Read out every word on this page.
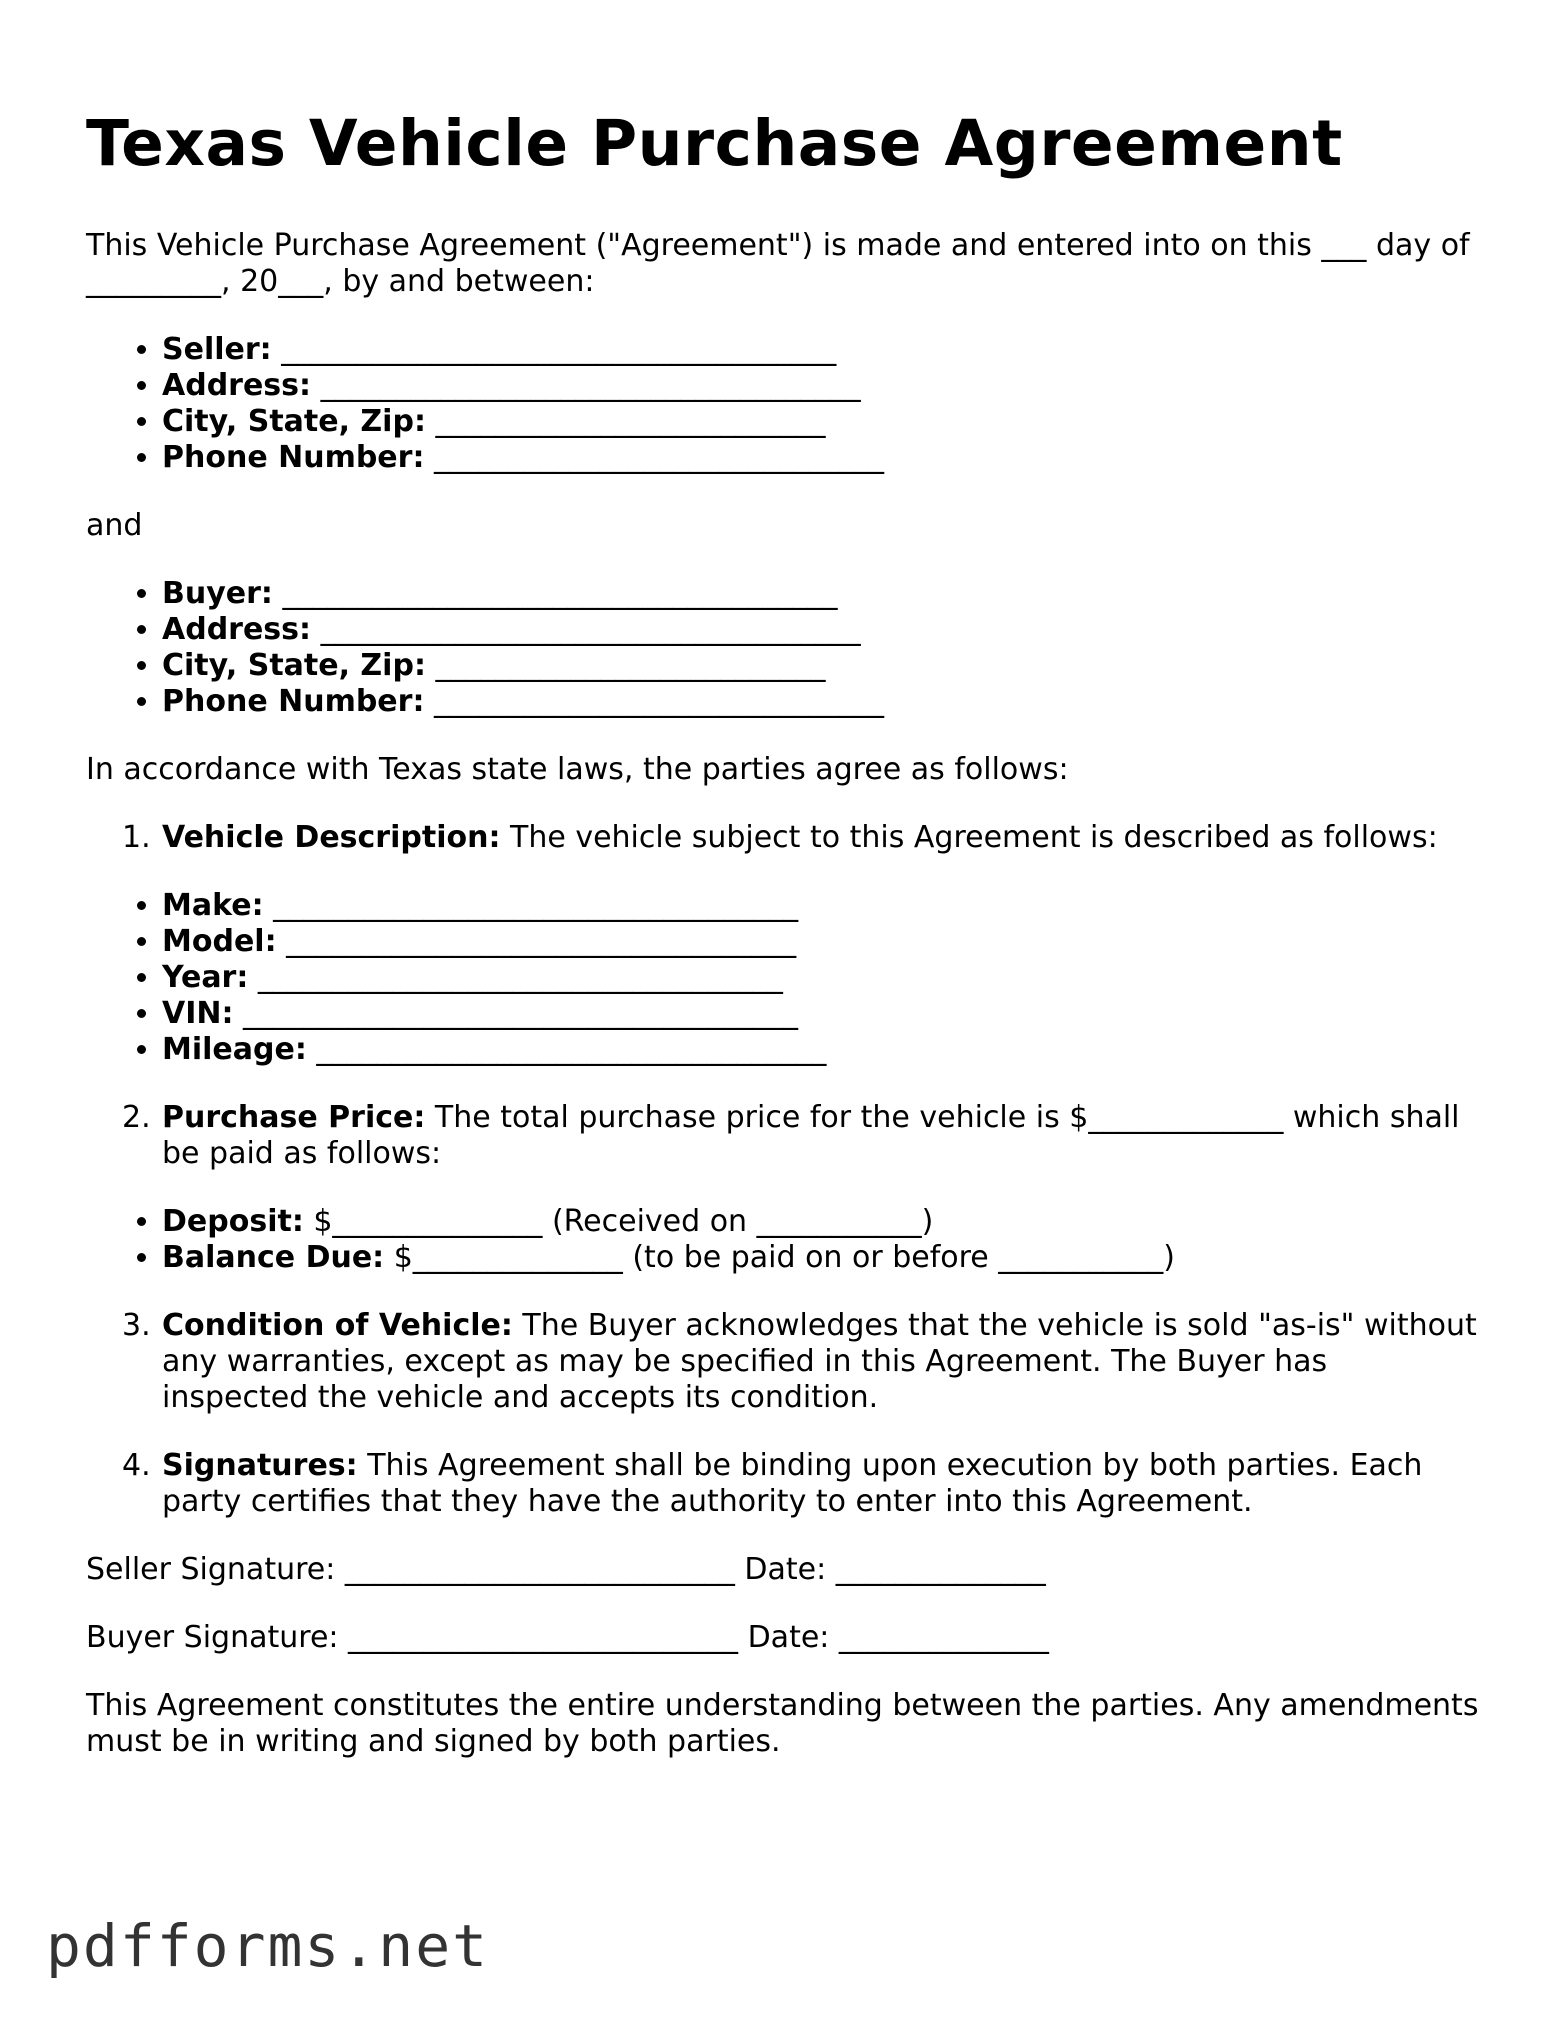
Texas Vehicle Purchase Agreement

This Vehicle Purchase Agreement ("Agreement") is made and entered into on this ___ day of _________, 20___, by and between:

• Seller: _____________________________________
• Address: ____________________________________
• City, State, Zip: __________________________
• Phone Number: ______________________________

and

• Buyer: _____________________________________
• Address: ____________________________________
• City, State, Zip: __________________________
• Phone Number: ______________________________

In accordance with Texas state laws, the parties agree as follows:

1. Vehicle Description: The vehicle subject to this Agreement is described as follows:
• Make: ___________________________________
• Model: __________________________________
• Year: ___________________________________
• VIN: _____________________________________
• Mileage: __________________________________
2. Purchase Price: The total purchase price for the vehicle is $_____________ which shall be paid as follows:
• Deposit: $______________ (Received on ___________)
• Balance Due: $______________ (to be paid on or before ___________)
3. Condition of Vehicle: The Buyer acknowledges that the vehicle is sold "as-is" without any warranties, except as may be specified in this Agreement. The Buyer has inspected the vehicle and accepts its condition.
4. Signatures: This Agreement shall be binding upon execution by both parties. Each party certifies that they have the authority to enter into this Agreement.
Seller Signature: __________________________ Date: ______________
Buyer Signature: __________________________ Date: ______________

This Agreement constitutes the entire understanding between the parties. Any amendments must be in writing and signed by both parties.

pdfforms.net
